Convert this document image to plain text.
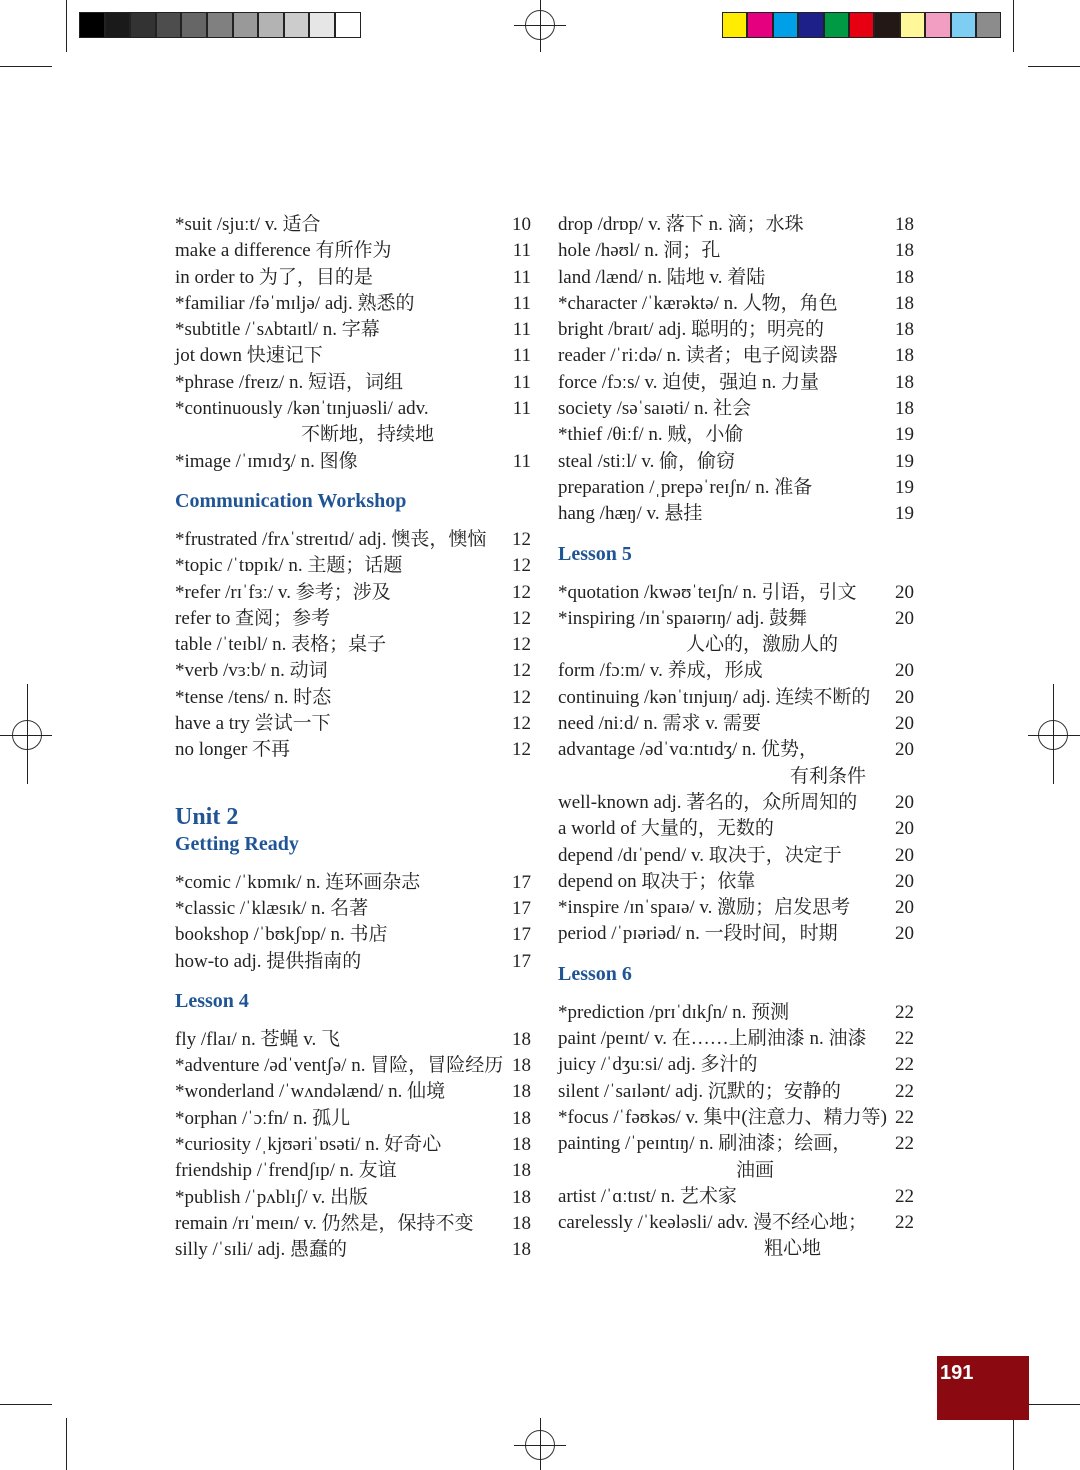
*suit /sjuːt/ v. 适合	10
make a difference 有所作为	11
in order to 为了，目的是	11
*familiar /fəˈmɪljə/ adj. 熟悉的	11
*subtitle /ˈsʌbtaɪtl/ n. 字幕	11
jot down 快速记下	11
*phrase /freɪz/ n. 短语，词组	11
*continuously /kənˈtɪnjuəsli/ adv.	11
不断地，持续地
*image /ˈɪmɪdʒ/ n. 图像	11
Communication Workshop
*frustrated /frʌˈstreɪtɪd/ adj. 懊丧，懊恼 12
*topic /ˈtɒpɪk/ n. 主题；话题	12
*refer /rɪˈfɜː/ v. 参考；涉及	12
refer to 查阅；参考	12
table /ˈteɪbl/ n. 表格；桌子	12
*verb /vɜːb/ n. 动词	12
*tense /tens/ n. 时态	12
have a try 尝试一下	12
no longer 不再	12
Unit 2
Getting Ready
*comic /ˈkɒmɪk/ n. 连环画杂志	17
*classic /ˈklæsɪk/ n. 名著	17
bookshop /ˈbʊkʃɒp/ n. 书店	17
how-to adj. 提供指南的	17
Lesson 4
fly /flaɪ/ n. 苍蝇 v. 飞	18
*adventure /ədˈventʃə/ n. 冒险，冒险经历 18
*wonderland /ˈwʌndəlænd/ n. 仙境	18
*orphan /ˈɔːfn/ n. 孤儿	18
*curiosity /ˌkjʊəriˈɒsəti/ n. 好奇心	18
friendship /ˈfrendʃɪp/ n. 友谊	18
*publish /ˈpʌblɪʃ/ v. 出版	18
remain /rɪˈmeɪn/ v. 仍然是，保持不变 18
silly /ˈsɪli/ adj. 愚蠢的	18
drop /drɒp/ v. 落下 n. 滴；水珠	18
hole /həʊl/ n. 洞；孔	18
land /lænd/ n. 陆地 v. 着陆	18
*character /ˈkærəktə/ n. 人物，角色	18
bright /braɪt/ adj. 聪明的；明亮的	18
reader /ˈriːdə/ n. 读者；电子阅读器	18
force /fɔːs/ v. 迫使，强迫 n. 力量	18
society /səˈsaɪəti/ n. 社会	18
*thief /θiːf/ n. 贼，小偷	19
steal /stiːl/ v. 偷，偷窃	19
preparation /ˌprepəˈreɪʃn/ n. 准备	19
hang /hæŋ/ v. 悬挂	19
Lesson 5
*quotation /kwəʊˈteɪʃn/ n. 引语，引文 20
*inspiring /ɪnˈspaɪərɪŋ/ adj. 鼓舞	20
人心的，激励人的
form /fɔːm/ v. 养成，形成	20
continuing /kənˈtɪnjuɪŋ/ adj. 连续不断的 20
need /niːd/ n. 需求 v. 需要	20
advantage /ədˈvɑːntɪdʒ/ n. 优势，	20
有利条件
well-known adj. 著名的，众所周知的 20
a world of 大量的，无数的	20
depend /dɪˈpend/ v. 取决于，决定于	20
depend on 取决于；依靠	20
*inspire /ɪnˈspaɪə/ v. 激励；启发思考 20
period /ˈpɪəriəd/ n. 一段时间，时期	20
Lesson 6
*prediction /prɪˈdɪkʃn/ n. 预测	22
paint /peɪnt/ v. 在……上刷油漆 n. 油漆 22
juicy /ˈdʒuːsi/ adj. 多汁的	22
silent /ˈsaɪlənt/ adj. 沉默的；安静的	22
*focus /ˈfəʊkəs/ v. 集中(注意力、精力等) 22
painting /ˈpeɪntɪŋ/ n. 刷油漆；绘画， 22
油画
artist /ˈɑːtɪst/ n. 艺术家	22
carelessly /ˈkeələsli/ adv. 漫不经心地； 22
粗心地
191
